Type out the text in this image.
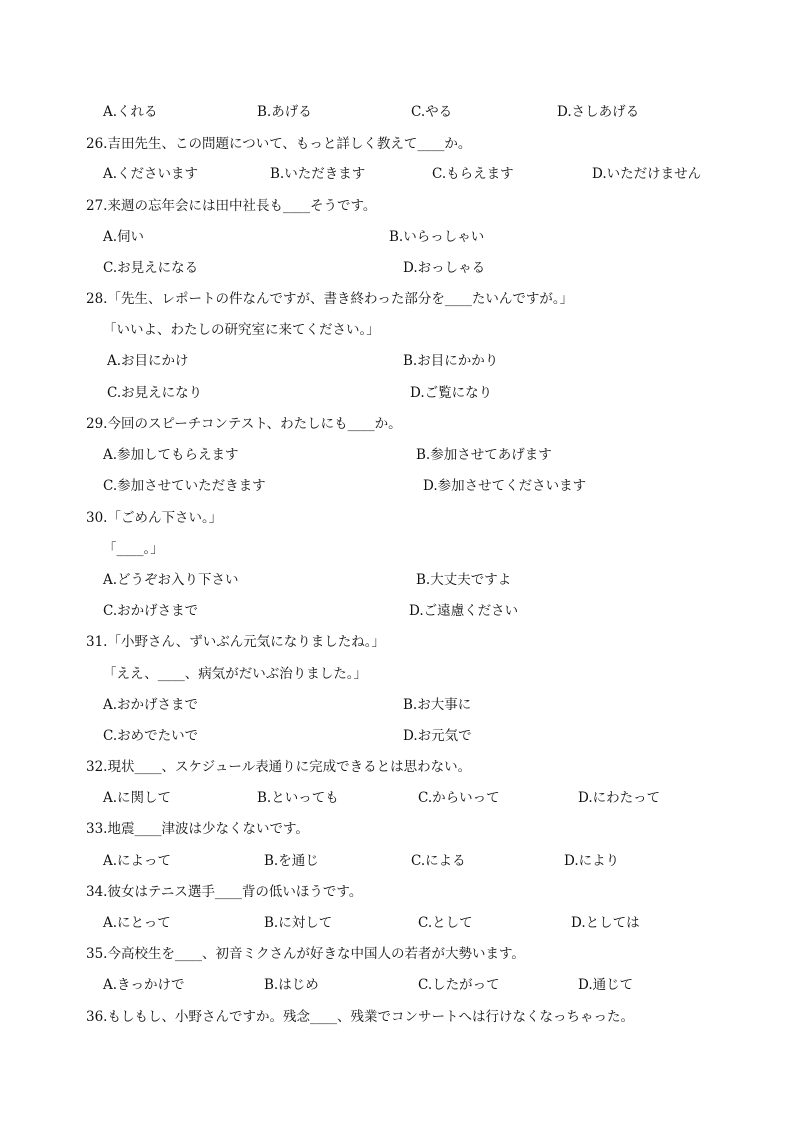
A.くれる	B.あげる	C.やる	D.さしあげる
26.吉田先生、この問題について、もっと詳しく教えて____か。
A.くださいます	B.いただきます	C.もらえます	D.いただけません
27.来週の忘年会には田中社長も____そうです。
A.伺い	B.いらっしゃい
C.お見えになる	D.おっしゃる
28.「先生、レポートの件なんですが、書き終わった部分を____たいんですが。」
「いいよ、わたしの研究室に来てください。」
A.お目にかけ	B.お目にかかり
C.お見えになり	D.ご覧になり
29.今回のスピーチコンテスト、わたしにも____か。
A.参加してもらえます	B.参加させてあげます
C.参加させていただきます	D.参加させてくださいます
30.「ごめん下さい。」
「____。」
A.どうぞお入り下さい	B.大丈夫ですよ
C.おかげさまで	D.ご遠慮ください
31.「小野さん、ずいぶん元気になりましたね。」
「ええ、____、病気がだいぶ治りました。」
A.おかげさまで	B.お大事に
C.おめでたいで	D.お元気で
32.現状____、スケジュール表通りに完成できるとは思わない。
A.に関して	B.といっても	C.からいって	D.にわたって
33.地震____津波は少なくないです。
A.によって	B.を通じ	C.による	D.により
34.彼女はテニス選手____背の低いほうです。
A.にとって	B.に対して	C.として	D.としては
35.今高校生を____、初音ミクさんが好きな中国人の若者が大勢います。
A.きっかけで	B.はじめ	C.したがって	D.通じて
36.もしもし、小野さんですか。残念____、残業でコンサートへは行けなくなっちゃった。
